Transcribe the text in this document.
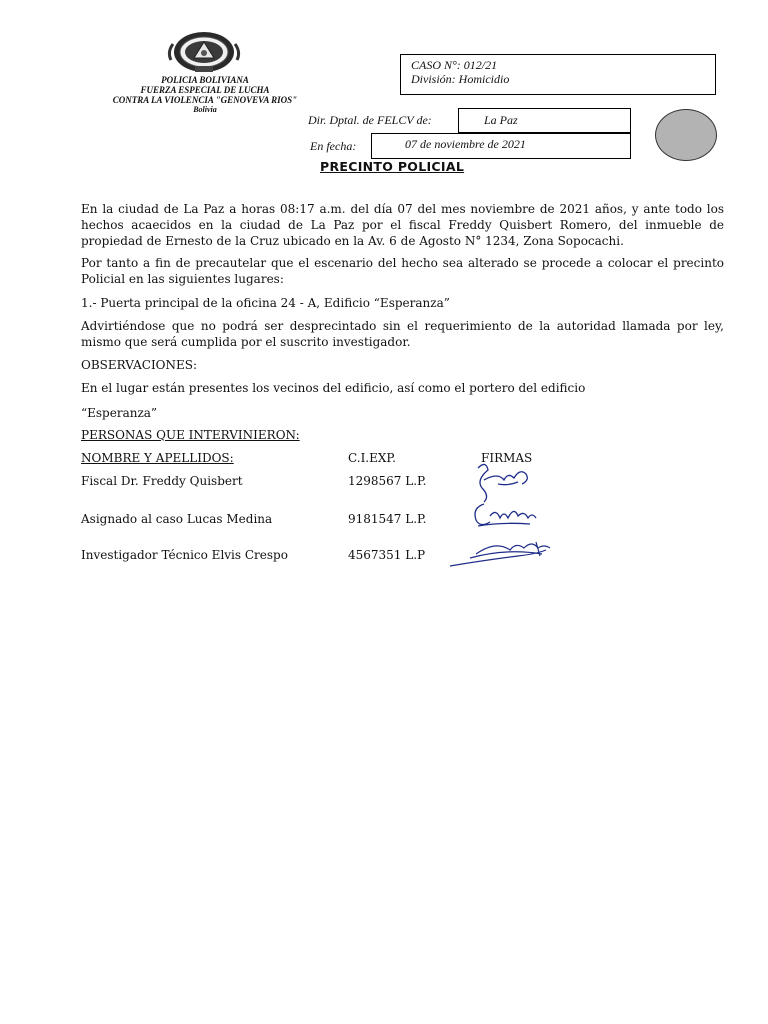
POLICIA BOLIVIANA
FUERZA ESPECIAL DE LUCHA
CONTRA LA VIOLENCIA "GENOVEVA RIOS"
Bolivia
CASO N°: 012/21
División: Homicidio
Dir. Dptal. de FELCV de:	La Paz
En fecha:	07 de noviembre de 2021
PRECINTO POLICIAL
En la ciudad de La Paz a horas 08:17 a.m. del día 07 del mes noviembre de 2021 años, y ante todo los hechos acaecidos en la ciudad de La Paz por el fiscal Freddy Quisbert Romero, del inmueble de propiedad de Ernesto de la Cruz ubicado en la Av. 6 de Agosto N° 1234, Zona Sopocachi.
Por tanto a fin de precautelar que el escenario del hecho sea alterado se procede a colocar el precinto Policial en las siguientes lugares:
1.- Puerta principal de la oficina 24 - A, Edificio “Esperanza”
Advirtiéndose que no podrá ser desprecintado sin el requerimiento de la autoridad llamada por ley, mismo que será cumplida por el suscrito investigador.
OBSERVACIONES:
En el lugar están presentes los vecinos del edificio, así como el portero del edificio
“Esperanza”
PERSONAS QUE INTERVINIERON:
NOMBRE Y APELLIDOS:	C.I.EXP.	FIRMAS
Fiscal Dr. Freddy Quisbert	1298567 L.P.
Asignado al caso Lucas Medina	9181547 L.P.
Investigador Técnico Elvis Crespo	4567351 L.P
